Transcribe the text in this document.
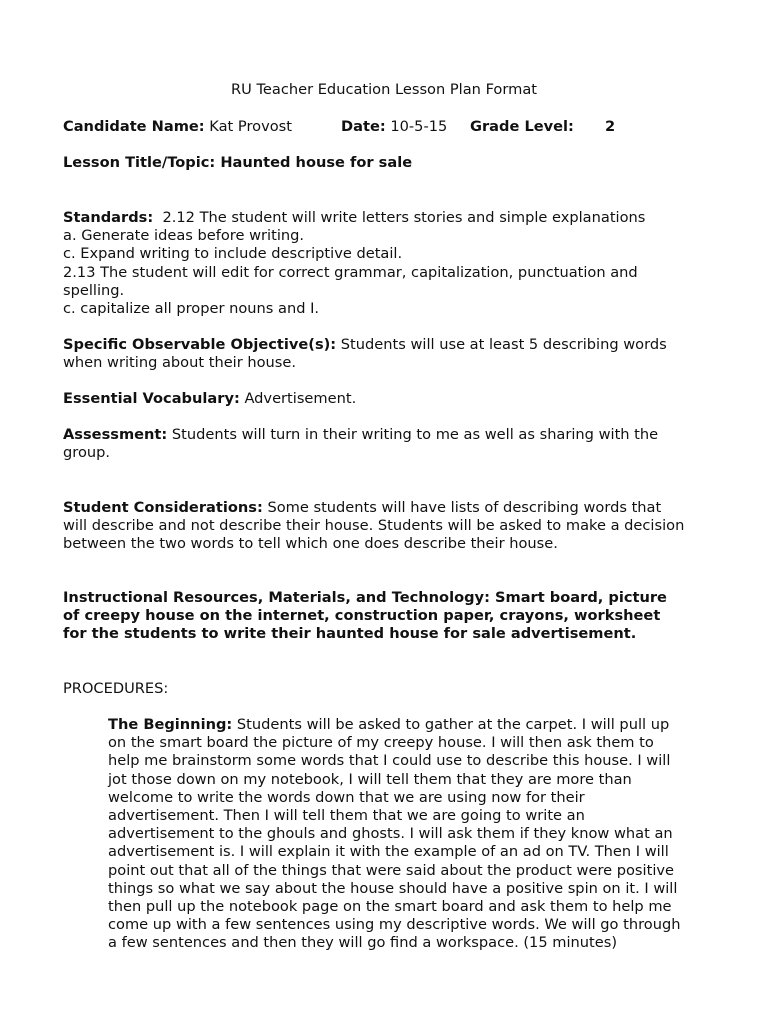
RU Teacher Education Lesson Plan Format
Candidate Name: Kat Provost	Date: 10-5-15 Grade Level: 2
Lesson Title/Topic: Haunted house for sale
Standards: 2.12 The student will write letters stories and simple explanations
a. Generate ideas before writing.
c. Expand writing to include descriptive detail.
2.13 The student will edit for correct grammar, capitalization, punctuation and
spelling.
c. capitalize all proper nouns and I.
Specific Observable Objective(s): Students will use at least 5 describing words
when writing about their house.
Essential Vocabulary: Advertisement.
Assessment: Students will turn in their writing to me as well as sharing with the
group.
Student Considerations: Some students will have lists of describing words that
will describe and not describe their house. Students will be asked to make a decision
between the two words to tell which one does describe their house.
Instructional Resources, Materials, and Technology: Smart board, picture
of creepy house on the internet, construction paper, crayons, worksheet
for the students to write their haunted house for sale advertisement.
PROCEDURES:
The Beginning: Students will be asked to gather at the carpet. I will pull up
on the smart board the picture of my creepy house. I will then ask them to
help me brainstorm some words that I could use to describe this house. I will
jot those down on my notebook, I will tell them that they are more than
welcome to write the words down that we are using now for their
advertisement. Then I will tell them that we are going to write an
advertisement to the ghouls and ghosts. I will ask them if they know what an
advertisement is. I will explain it with the example of an ad on TV. Then I will
point out that all of the things that were said about the product were positive
things so what we say about the house should have a positive spin on it. I will
then pull up the notebook page on the smart board and ask them to help me
come up with a few sentences using my descriptive words. We will go through
a few sentences and then they will go find a workspace. (15 minutes)
